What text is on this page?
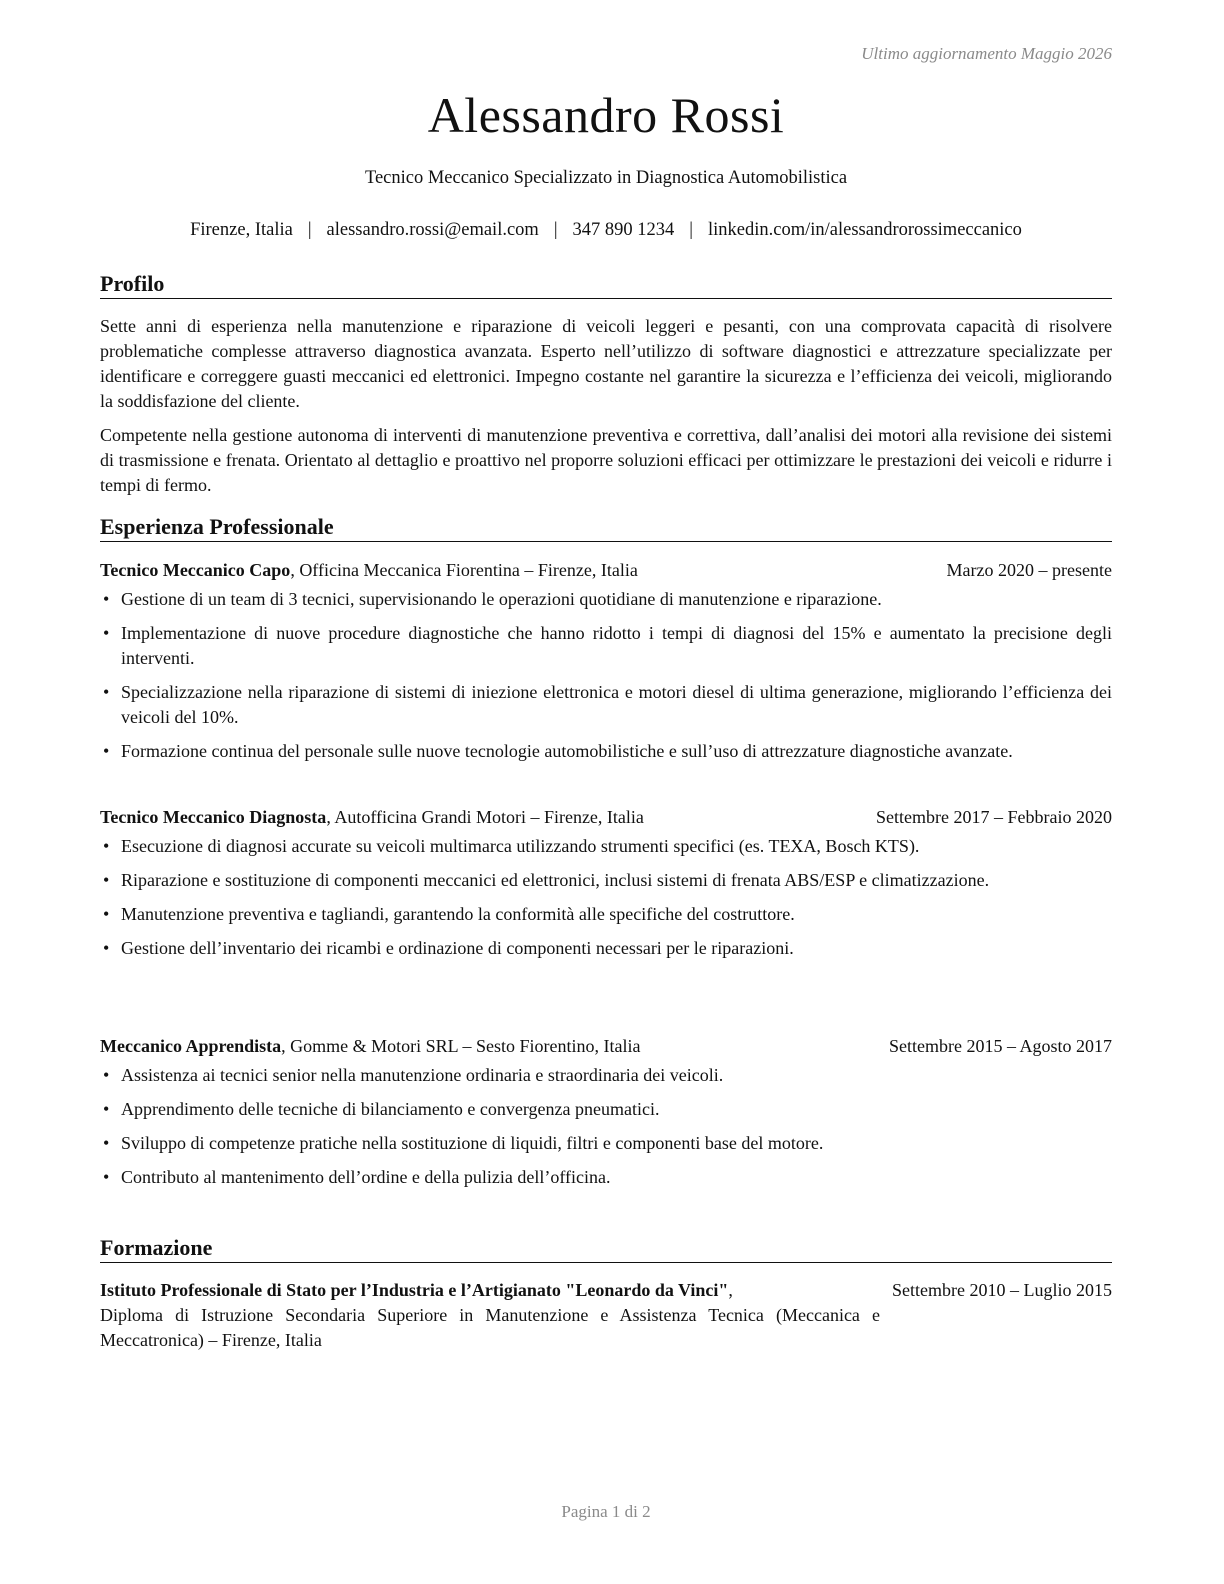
Ultimo aggiornamento Maggio 2026
Alessandro Rossi
Tecnico Meccanico Specializzato in Diagnostica Automobilistica
Firenze, Italia | alessandro.rossi@email.com | 347 890 1234 | linkedin.com/in/alessandrorossimeccanico
Profilo

Sette anni di esperienza nella manutenzione e riparazione di veicoli leggeri e pesanti, con una comprovata capacità di risolvere problematiche complesse attraverso diagnostica avanzata. Esperto nell’utilizzo di software diagnostici e attrezzature specializzate per identificare e correggere guasti meccanici ed elettronici. Impegno costante nel garantire la sicurezza e l’efficienza dei veicoli, migliorando la soddisfazione del cliente.

Competente nella gestione autonoma di interventi di manutenzione preventiva e correttiva, dall’analisi dei motori alla revisione dei sistemi di trasmissione e frenata. Orientato al dettaglio e proattivo nel proporre soluzioni efficaci per ottimizzare le prestazioni dei veicoli e ridurre i tempi di fermo.

Esperienza Professionale
Tecnico Meccanico Capo, Officina Meccanica Fiorentina – Firenze, Italia	Marzo 2020 – presente
• Gestione di un team di 3 tecnici, supervisionando le operazioni quotidiane di manutenzione e riparazione.
• Implementazione di nuove procedure diagnostiche che hanno ridotto i tempi di diagnosi del 15% e aumentato la precisione degli interventi.
• Specializzazione nella riparazione di sistemi di iniezione elettronica e motori diesel di ultima generazione, migliorando l’efficienza dei veicoli del 10%.
• Formazione continua del personale sulle nuove tecnologie automobilistiche e sull’uso di attrezzature diagnostiche avanzate.
Tecnico Meccanico Diagnosta, Autofficina Grandi Motori – Firenze, Italia	Settembre 2017 – Febbraio 2020
• Esecuzione di diagnosi accurate su veicoli multimarca utilizzando strumenti specifici (es. TEXA, Bosch KTS).
• Riparazione e sostituzione di componenti meccanici ed elettronici, inclusi sistemi di frenata ABS/ESP e climatizzazione.
• Manutenzione preventiva e tagliandi, garantendo la conformità alle specifiche del costruttore.
• Gestione dell’inventario dei ricambi e ordinazione di componenti necessari per le riparazioni.
Meccanico Apprendista, Gomme & Motori SRL – Sesto Fiorentino, Italia	Settembre 2015 – Agosto 2017
• Assistenza ai tecnici senior nella manutenzione ordinaria e straordinaria dei veicoli.
• Apprendimento delle tecniche di bilanciamento e convergenza pneumatici.
• Sviluppo di competenze pratiche nella sostituzione di liquidi, filtri e componenti base del motore.
• Contributo al mantenimento dell’ordine e della pulizia dell’officina.
Formazione
Istituto Professionale di Stato per l’Industria e l’Artigianato "Leonardo da Vinci",
Diploma di Istruzione Secondaria Superiore in Manutenzione e Assistenza Tecnica (Meccanica e Meccatronica) – Firenze, Italia
Settembre 2010 – Luglio 2015
Pagina 1 di 2
